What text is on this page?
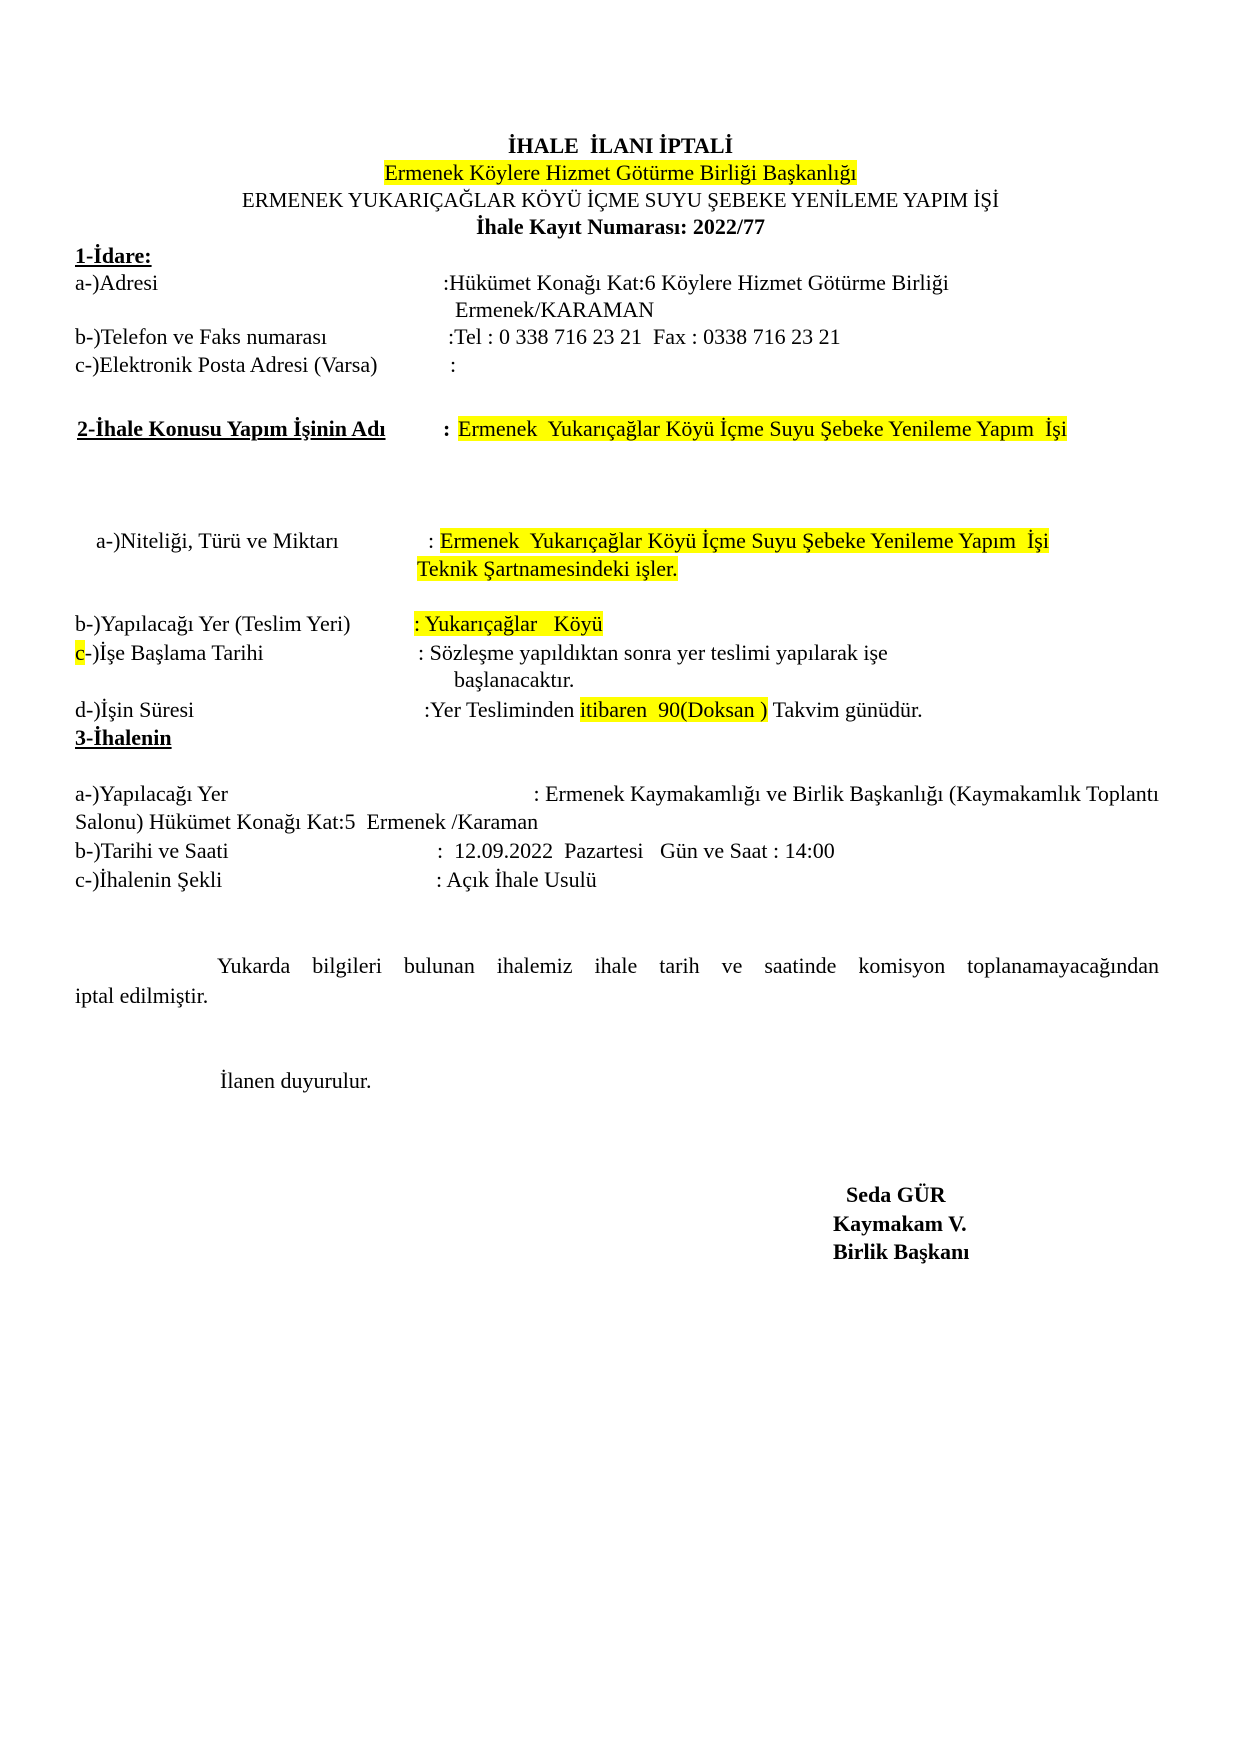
İHALE  İLANI İPTALİ
Ermenek Köylere Hizmet Götürme Birliği Başkanlığı
ERMENEK YUKARIÇAĞLAR KÖYÜ İÇME SUYU ŞEBEKE YENİLEME YAPIM İŞİ
İhale Kayıt Numarası: 2022/77
1-İdare:
a-)Adresi	:Hükümet Konağı Kat:6 Köylere Hizmet Götürme Birliği
Ermenek/KARAMAN
b-)Telefon ve Faks numarası	:Tel : 0 338 716 23 21  Fax : 0338 716 23 21
c-)Elektronik Posta Adresi (Varsa)	:
2-İhale Konusu Yapım İşinin Adı	: Ermenek  Yukarıçağlar Köyü İçme Suyu Şebeke Yenileme Yapım  İşi
a-)Niteliği, Türü ve Miktarı	: Ermenek  Yukarıçağlar Köyü İçme Suyu Şebeke Yenileme Yapım  İşi
Teknik Şartnamesindeki işler.
b-)Yapılacağı Yer (Teslim Yeri)	: Yukarıçağlar   Köyü
c-)İşe Başlama Tarihi	: Sözleşme yapıldıktan sonra yer teslimi yapılarak işe
başlanacaktır.
d-)İşin Süresi	:Yer Tesliminden itibaren  90(Doksan ) Takvim günüdür.
3-İhalenin
a-)Yapılacağı Yer	: Ermenek Kaymakamlığı ve Birlik Başkanlığı (Kaymakamlık Toplantı
Salonu) Hükümet Konağı Kat:5  Ermenek /Karaman
b-)Tarihi ve Saati	:  12.09.2022  Pazartesi   Gün ve Saat : 14:00
c-)İhalenin Şekli	: Açık İhale Usulü
Yukarda bilgileri bulunan ihalemiz ihale tarih ve saatinde komisyon toplanamayacağından
iptal edilmiştir.
İlanen duyurulur.
Seda GÜR
Kaymakam V.
Birlik Başkanı
